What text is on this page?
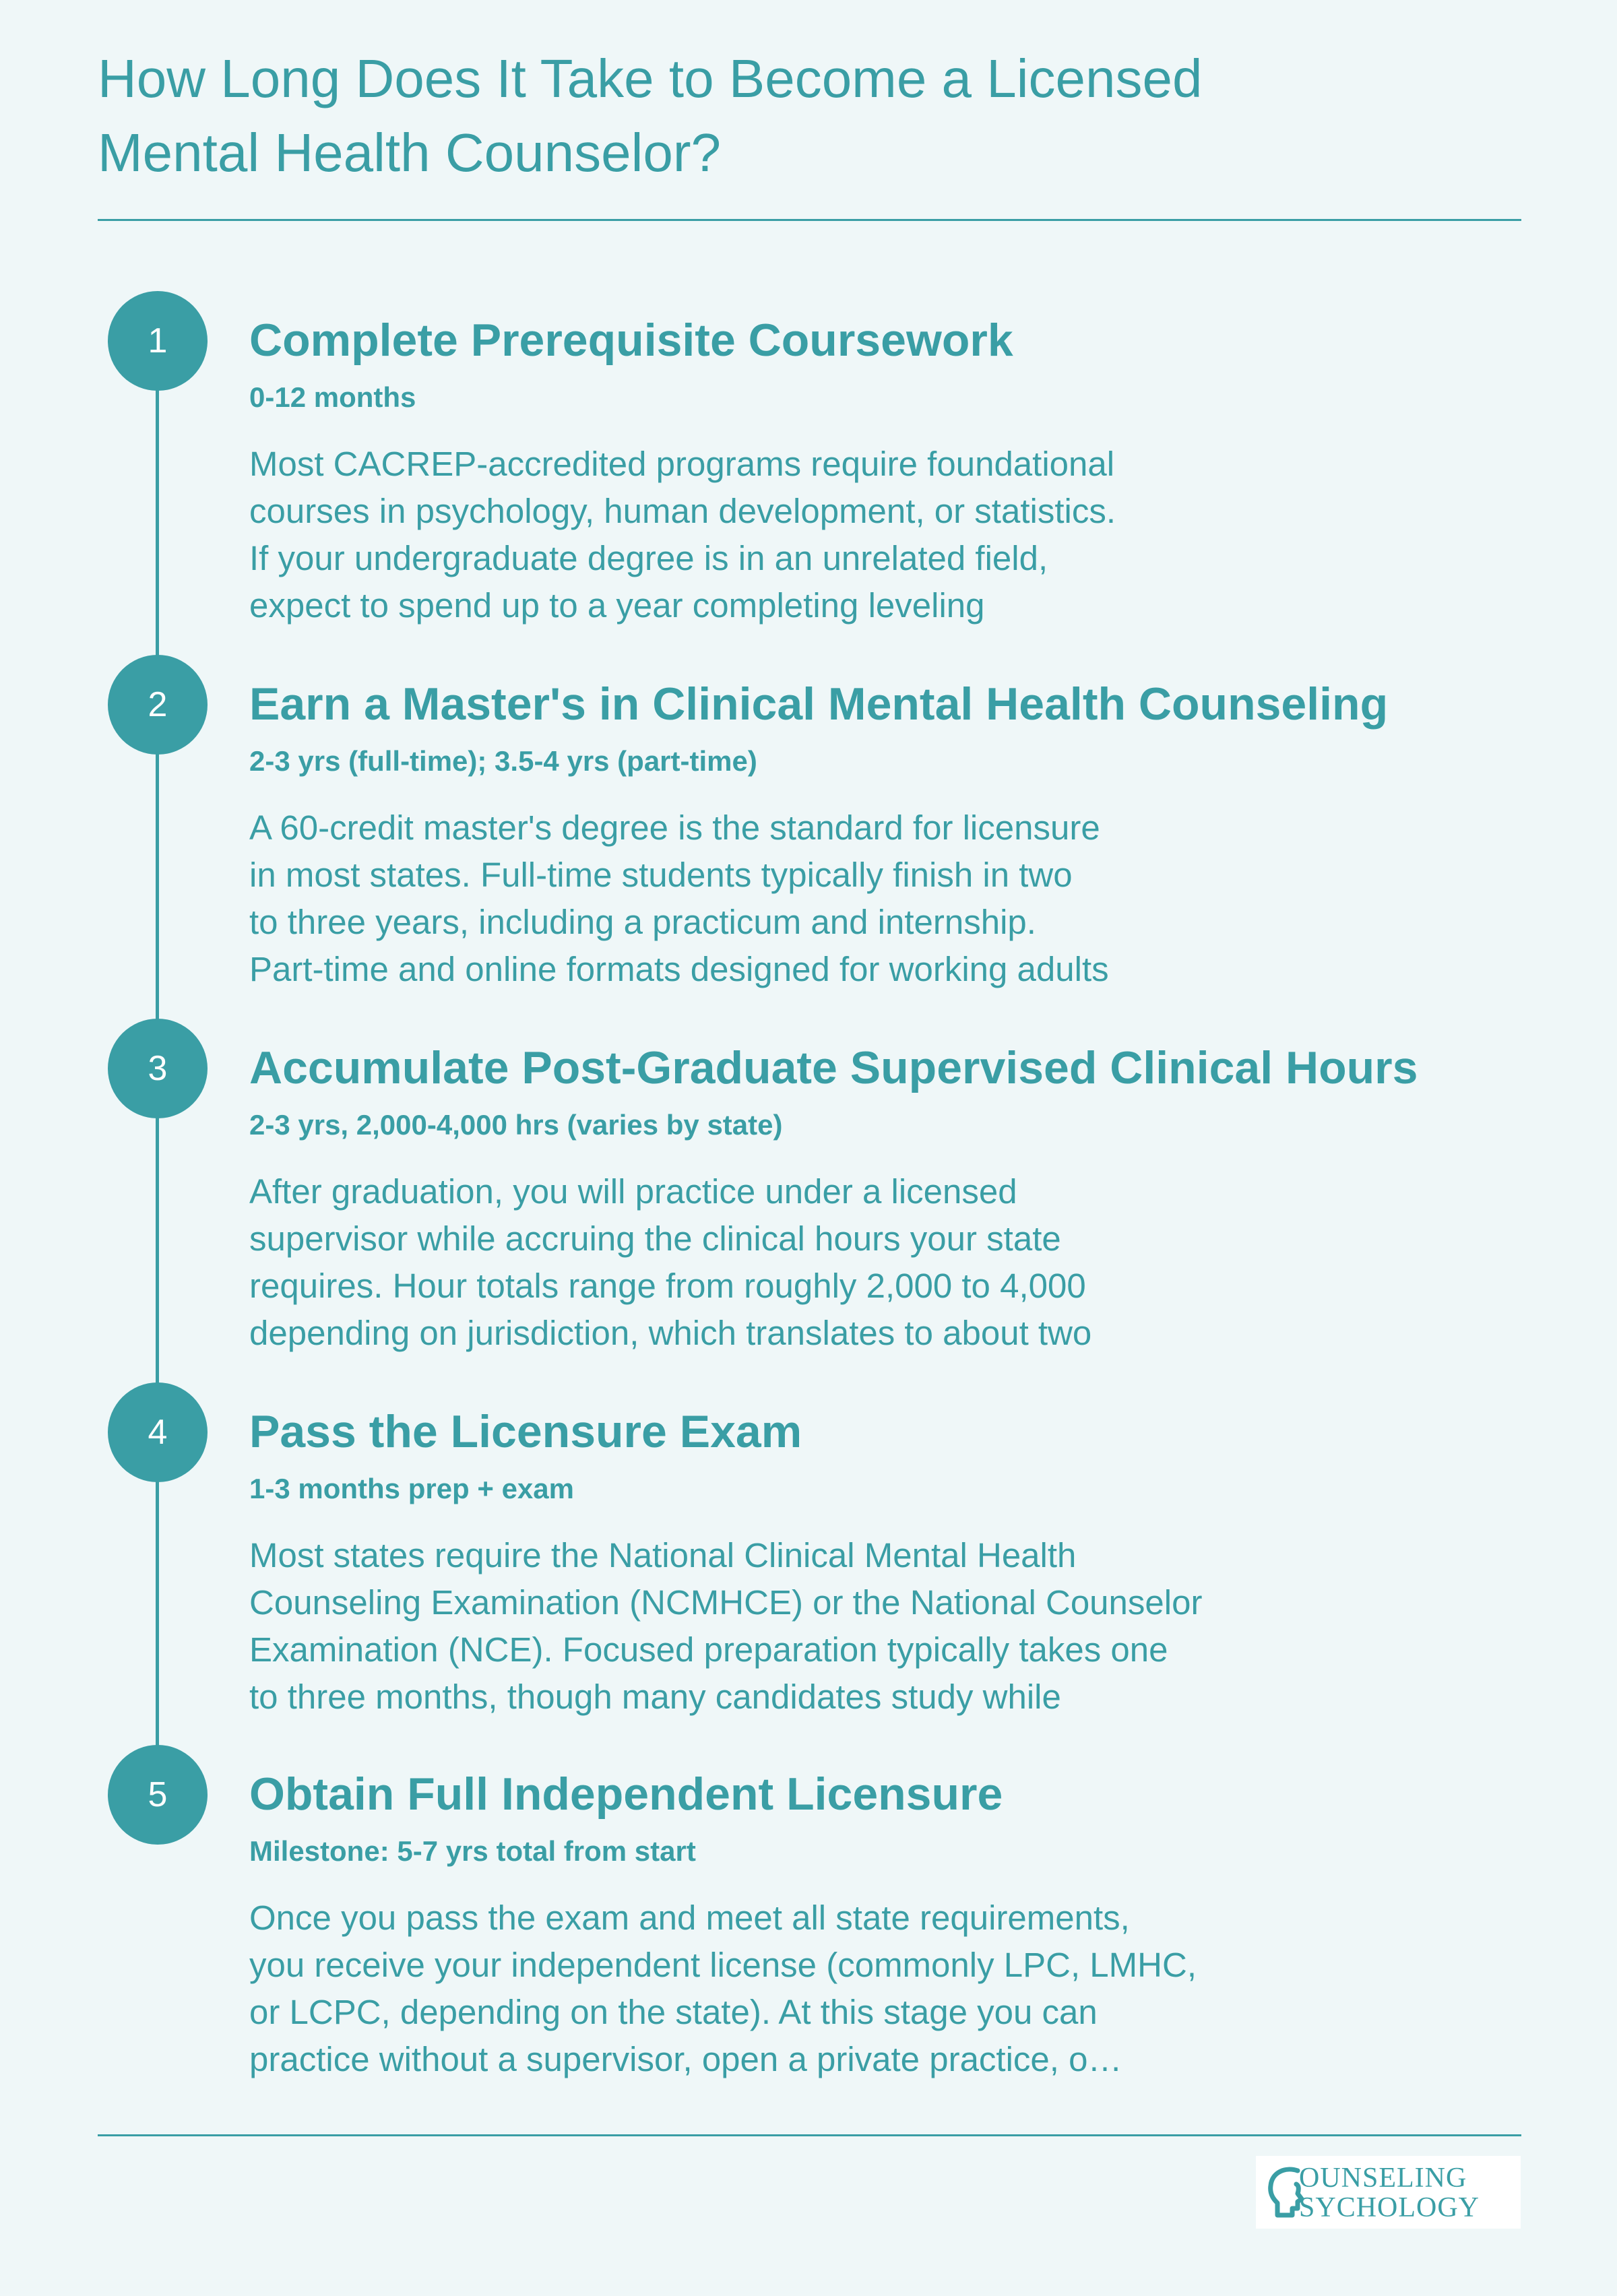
How Long Does It Take to Become a Licensed
Mental Health Counselor?
1	Complete Prerequisite Coursework
0-12 months

Most CACREP-accredited programs require foundational
courses in psychology, human development, or statistics.
If your undergraduate degree is in an unrelated field,
expect to spend up to a year completing leveling

2	Earn a Master's in Clinical Mental Health Counseling
2-3 yrs (full-time); 3.5-4 yrs (part-time)

A 60-credit master's degree is the standard for licensure
in most states. Full-time students typically finish in two
to three years, including a practicum and internship.
Part-time and online formats designed for working adults

3	Accumulate Post-Graduate Supervised Clinical Hours
2-3 yrs, 2,000-4,000 hrs (varies by state)

After graduation, you will practice under a licensed
supervisor while accruing the clinical hours your state
requires. Hour totals range from roughly 2,000 to 4,000
depending on jurisdiction, which translates to about two

4	Pass the Licensure Exam
1-3 months prep + exam

Most states require the National Clinical Mental Health
Counseling Examination (NCMHCE) or the National Counselor
Examination (NCE). Focused preparation typically takes one
to three months, though many candidates study while

5	Obtain Full Independent Licensure
Milestone: 5-7 yrs total from start

Once you pass the exam and meet all state requirements,
you receive your independent license (commonly LPC, LMHC,
or LCPC, depending on the state). At this stage you can
practice without a supervisor, open a private practice, o…

OUNSELING
SYCHOLOGY
